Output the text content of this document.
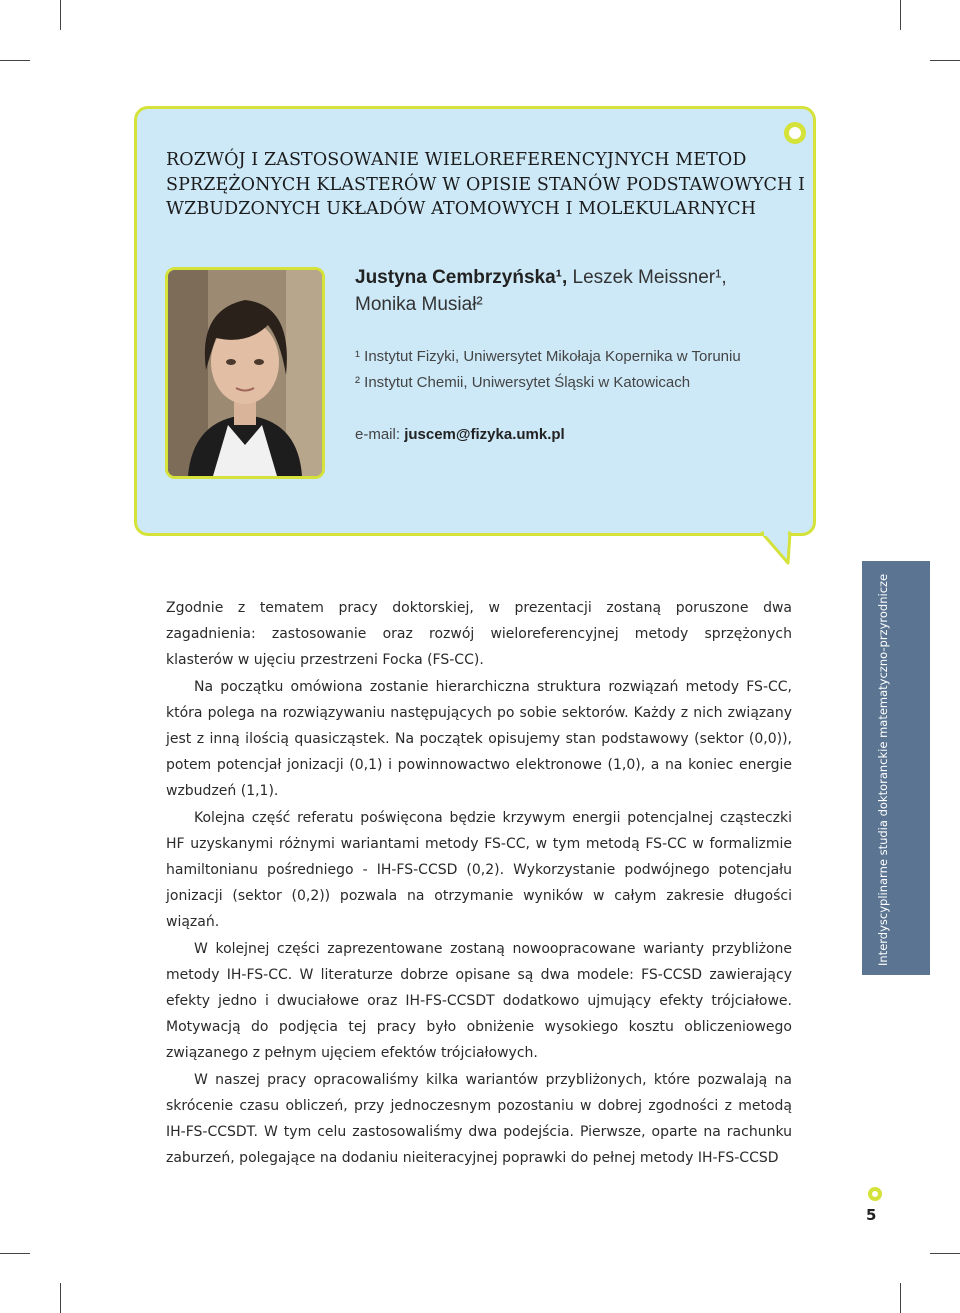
ROZWÓJ I ZASTOSOWANIE WIELOREFERENCYJNYCH METOD SPRZĘŻONYCH KLASTERÓW W OPISIE STANÓW PODSTAWOWYCH I WZBUDZONYCH UKŁADÓW ATOMOWYCH I MOLEKULARNYCH
Justyna Cembrzyńska¹, Leszek Meissner¹,
Monika Musiał²
¹ Instytut Fizyki, Uniwersytet Mikołaja Kopernika w Toruniu
² Instytut Chemii, Uniwersytet Śląski w Katowicach
e-mail: juscem@fizyka.umk.pl

Zgodnie z tematem pracy doktorskiej, w prezentacji zostaną poruszone dwa zagadnienia: zastosowanie oraz rozwój wieloreferencyjnej metody sprzężonych klasterów w ujęciu przestrzeni Focka (FS-CC).

Na początku omówiona zostanie hierarchiczna struktura rozwiązań metody FS-CC, która polega na rozwiązywaniu następujących po sobie sektorów. Każdy z nich związany jest z inną ilością quasicząstek. Na początek opisujemy stan podstawowy (sektor (0,0)), potem potencjał jonizacji (0,1) i powinnowactwo elektronowe (1,0), a na koniec energie wzbudzeń (1,1).

Kolejna część referatu poświęcona będzie krzywym energii potencjalnej cząsteczki HF uzyskanymi różnymi wariantami metody FS-CC, w tym metodą FS-CC w formalizmie hamiltonianu pośredniego - IH-FS-CCSD (0,2). Wykorzystanie podwójnego potencjału jonizacji (sektor (0,2)) pozwala na otrzymanie wyników w całym zakresie długości wiązań.

W kolejnej części zaprezentowane zostaną nowoopracowane warianty przybliżone metody IH-FS-CC. W literaturze dobrze opisane są dwa modele: FS-CCSD zawierający efekty jedno i dwuciałowe oraz IH-FS-CCSDT dodatkowo ujmujący efekty trójciałowe. Motywacją do podjęcia tej pracy było obniżenie wysokiego kosztu obliczeniowego związanego z pełnym ujęciem efektów trójciałowych.

W naszej pracy opracowaliśmy kilka wariantów przybliżonych, które pozwalają na skrócenie czasu obliczeń, przy jednoczesnym pozostaniu w dobrej zgodności z metodą IH-FS-CCSDT. W tym celu zastosowaliśmy dwa podejścia. Pierwsze, oparte na rachunku zaburzeń, polegające na dodaniu nieiteracyjnej poprawki do pełnej metody IH-FS-CCSD

Interdyscyplinarne studia doktoranckie matematyczno-przyrodnicze
5
